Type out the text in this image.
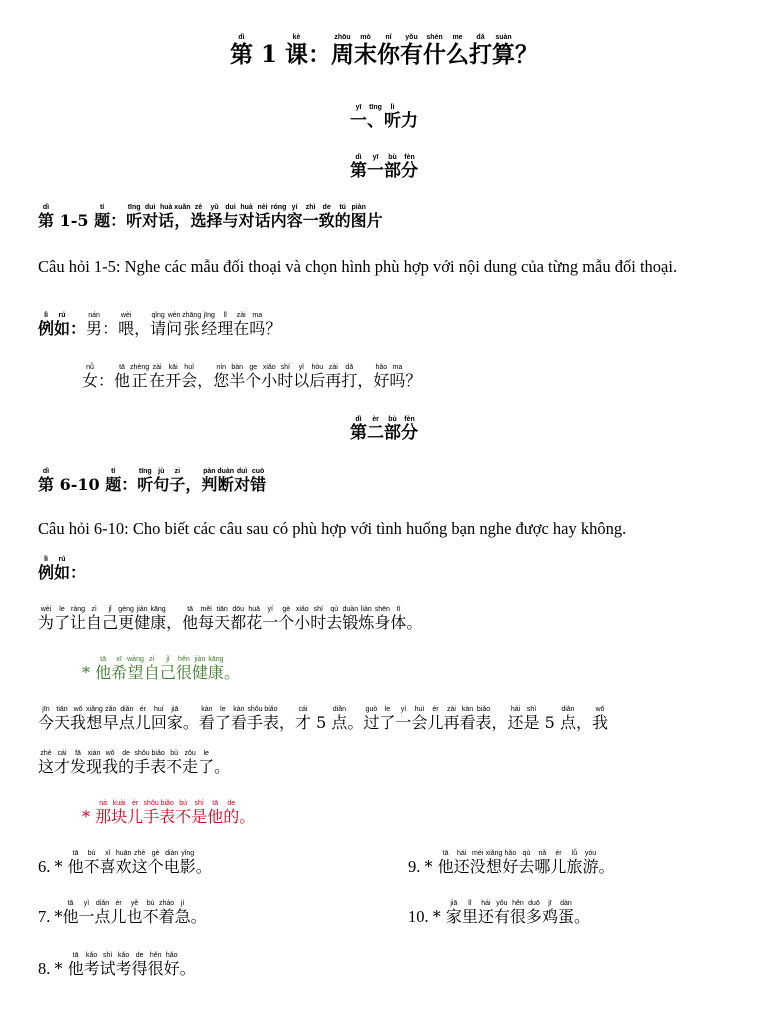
第dì 1 课kè：周zhōu末mò你nǐ有yǒu什shén么me打dǎ算suàn？
一yī、tīng听lì力
第dì一yī部bù分fèn
第dì 1-5 题tí：听tīng对duì话huà，xuǎn选zé择yǔ与duì对huà话nèi内róng容yí一zhì致de的tú图piàn片
Câu hỏi 1-5: Nghe các mẫu đối thoại và chọn hình phù hợp với nội dung của từng mẫu đối thoại.
例lì如rú：男nán：喂wèi，请qǐng问wèn张zhāng经jīng理lǐ在zài吗ma？
女nǚ：他tā正zhèng在zài开kāi会huì，您nín半bàn个ge小xiǎo时shí以yǐ后hòu再zài打dǎ，好hǎo吗ma？
第dì二èr部bù分fèn
第dì 6-10 题tí：听tīng句jù子zi，判pàn断duàn对duì错cuò
Câu hỏi 6-10: Cho biết các câu sau có phù hợp với tình huống bạn nghe được hay không.
例lì如rú：
为wèi了le让ràng自zì己jǐ更gèng健jiàn康kāng，他tā每měi天tiān都dōu花huā一yí个gè小xiǎo时shí去qù锻duàn炼liàn身shēn体tǐ。
* 他tā希xī望wàng自zì己jǐ很hěn健jiàn康kāng。
今jīn天tiān我wǒ想xiǎng早zǎo点diǎn儿ér回huí家jiā。看kàn了le看kàn手shǒu表biǎo，才cái 5 点diǎn。过guò了le一yí会huì儿ér再zài看kàn表biǎo，还hái是shì 5 点diǎn，我wǒ
这zhè才cái发fā现xiàn我wǒ的de手shǒu表biǎo不bù走zǒu了le。
* 那nà块kuài儿ér手shǒu表biǎo不bù是shì他tā的de。
6. * 他tā不bù喜xǐ欢huān这zhè个gè电diàn影yǐng。
7. *他tā一yì点diǎn儿ér也yě不bù着zháo急jí。
8. * 他tā考kǎo试shì考kǎo得de很hěn好hǎo。
9. * 他tā还hái没méi想xiǎng好hǎo去qù哪nǎ儿ér旅lǚ游yóu。
10. * 家jiā里lǐ还hái有yǒu很hěn多duō鸡jī蛋dàn。
